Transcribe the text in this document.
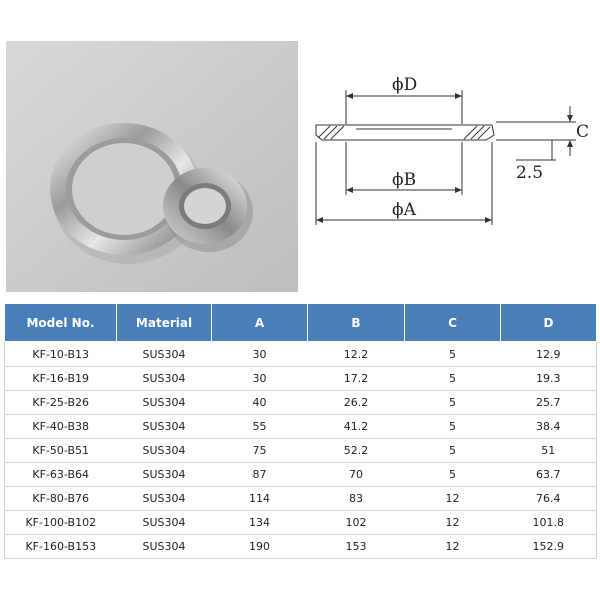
ϕD
ϕB
ϕA
C
2.5
Model No.	Material	A	B	C	D
KF-10-B13	SUS304	30	12.2	5	12.9
KF-16-B19	SUS304	30	17.2	5	19.3
KF-25-B26	SUS304	40	26.2	5	25.7
KF-40-B38	SUS304	55	41.2	5	38.4
KF-50-B51	SUS304	75	52.2	5	51
KF-63-B64	SUS304	87	70	5	63.7
KF-80-B76	SUS304	114	83	12	76.4
KF-100-B102	SUS304	134	102	12	101.8
KF-160-B153	SUS304	190	153	12	152.9
